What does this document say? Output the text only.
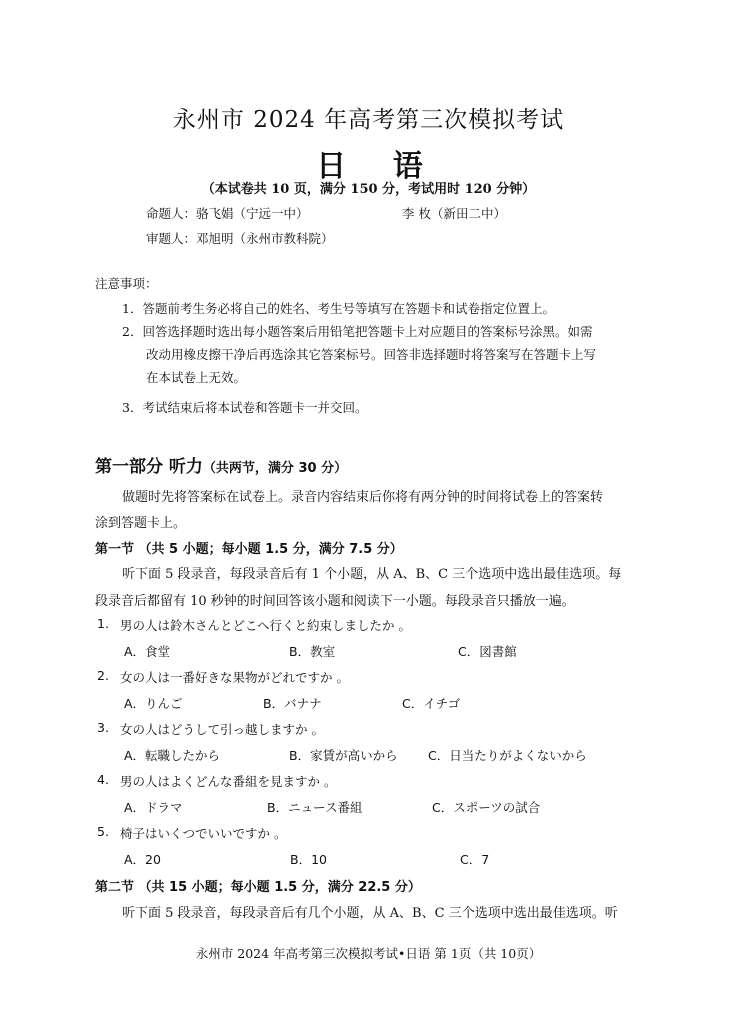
永州市 2024 年高考第三次模拟考试
日 语
（本试卷共 10 页，满分 150 分，考试用时 120 分钟）
命题人：骆飞娟（宁远一中）	李 枚（新田二中）
审题人：邓旭明（永州市教科院）
注意事项：
1．答题前考生务必将自己的姓名、考生号等填写在答题卡和试卷指定位置上。
2．回答选择题时选出每小题答案后用铅笔把答题卡上对应题目的答案标号涂黑。如需
改动用橡皮擦干净后再选涂其它答案标号。回答非选择题时将答案写在答题卡上写
在本试卷上无效。
3．考试结束后将本试卷和答题卡一并交回。
第一部分 听力（共两节，满分 30 分）
做题时先将答案标在试卷上。录音内容结束后你将有两分钟的时间将试卷上的答案转
涂到答题卡上。
第一节 （共 5 小题；每小题 1.5 分，满分 7.5 分）
听下面 5 段录音，每段录音后有 1 个小题，从 A、B、C 三个选项中选出最佳选项。每
段录音后都留有 10 秒钟的时间回答该小题和阅读下一小题。每段录音只播放一遍。
1. 男の人は鈴木さんとどこへ行くと約束しましたか 。
A．食堂	B．教室	C．図書館
2. 女の人は一番好きな果物がどれですか 。
A．りんご	B．バナナ	C．イチゴ
3. 女の人はどうして引っ越しますか 。
A．転職したから	B．家賃が高いから C．日当たりがよくないから
4. 男の人はよくどんな番組を見ますか 。
A．ドラマ	B．ニュース番組	C．スポーツの試合
5. 椅子はいくつでいいですか 。
A．20	B．10	C．7
第二节 （共 15 小题；每小题 1.5 分，满分 22.5 分）
听下面 5 段录音，每段录音后有几个小题，从 A、B、C 三个选项中选出最佳选项。听
永州市 2024 年高考第三次模拟考试•日语 第 1页（共 10页）
